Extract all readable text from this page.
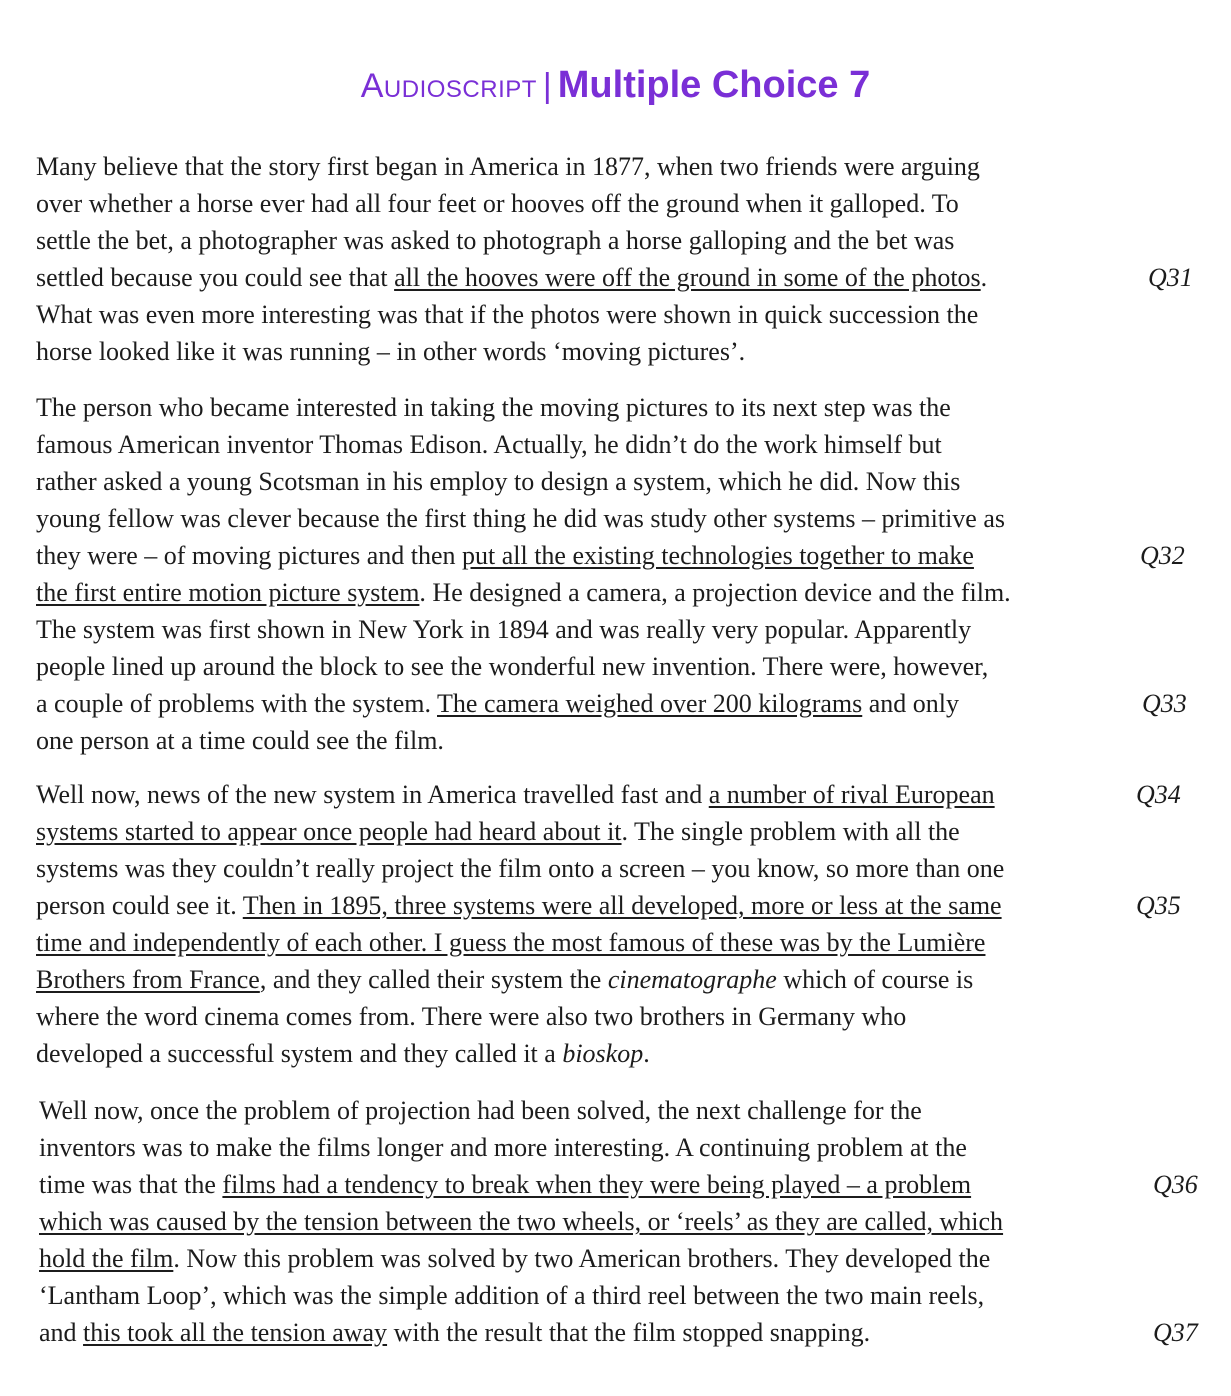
Audioscript | Multiple Choice 7
Many believe that the story first began in America in 1877, when two friends were arguing
over whether a horse ever had all four feet or hooves off the ground when it galloped. To
settle the bet, a photographer was asked to photograph a horse galloping and the bet was
settled because you could see that all the hooves were off the ground in some of the photos.	Q31
What was even more interesting was that if the photos were shown in quick succession the
horse looked like it was running – in other words ‘moving pictures’.
The person who became interested in taking the moving pictures to its next step was the
famous American inventor Thomas Edison. Actually, he didn’t do the work himself but
rather asked a young Scotsman in his employ to design a system, which he did. Now this
young fellow was clever because the first thing he did was study other systems – primitive as
they were – of moving pictures and then put all the existing technologies together to make	Q32
the first entire motion picture system. He designed a camera, a projection device and the film.
The system was first shown in New York in 1894 and was really very popular. Apparently
people lined up around the block to see the wonderful new invention. There were, however,
a couple of problems with the system. The camera weighed over 200 kilograms and only	Q33
one person at a time could see the film.
Well now, news of the new system in America travelled fast and a number of rival European	Q34
systems started to appear once people had heard about it. The single problem with all the
systems was they couldn’t really project the film onto a screen – you know, so more than one
person could see it. Then in 1895, three systems were all developed, more or less at the same	Q35
time and independently of each other. I guess the most famous of these was by the Lumière
Brothers from France, and they called their system the cinematographe which of course is
where the word cinema comes from. There were also two brothers in Germany who
developed a successful system and they called it a bioskop.
Well now, once the problem of projection had been solved, the next challenge for the
inventors was to make the films longer and more interesting. A continuing problem at the
time was that the films had a tendency to break when they were being played – a problem	Q36
which was caused by the tension between the two wheels, or ‘reels’ as they are called, which
hold the film. Now this problem was solved by two American brothers. They developed the
‘Lantham Loop’, which was the simple addition of a third reel between the two main reels,
and this took all the tension away with the result that the film stopped snapping.	Q37
